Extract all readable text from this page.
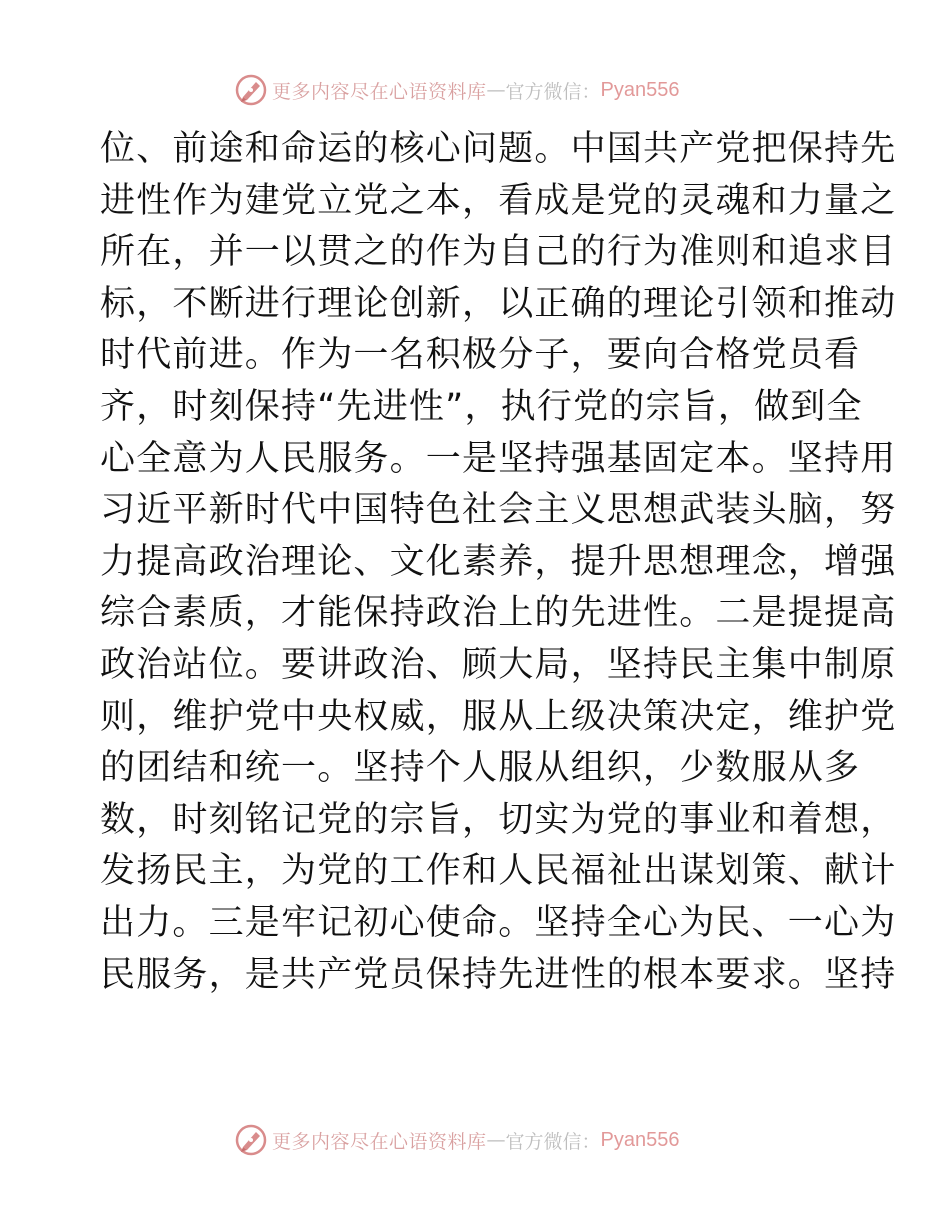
更多内容尽在心语资料库 — 官方微信： Pyan556
位、前途和命运的核心问题。中国共产党把保持先
进性作为建党立党之本，看成是党的灵魂和力量之
所在，并一以贯之的作为自己的行为准则和追求目
标，不断进行理论创新，以正确的理论引领和推动
时代前进。作为一名积极分子，要向合格党员看
齐，时刻保持“先进性”，执行党的宗旨，做到全
心全意为人民服务。一是坚持强基固定本。坚持用
习近平新时代中国特色社会主义思想武装头脑，努
力提高政治理论、文化素养，提升思想理念，增强
综合素质，才能保持政治上的先进性。二是提提高
政治站位。要讲政治、顾大局，坚持民主集中制原
则，维护党中央权威，服从上级决策决定，维护党
的团结和统一。坚持个人服从组织，少数服从多
数，时刻铭记党的宗旨，切实为党的事业和着想，
发扬民主，为党的工作和人民福祉出谋划策、献计
出力。三是牢记初心使命。坚持全心为民、一心为
民服务，是共产党员保持先进性的根本要求。坚持
更多内容尽在心语资料库 — 官方微信： Pyan556
